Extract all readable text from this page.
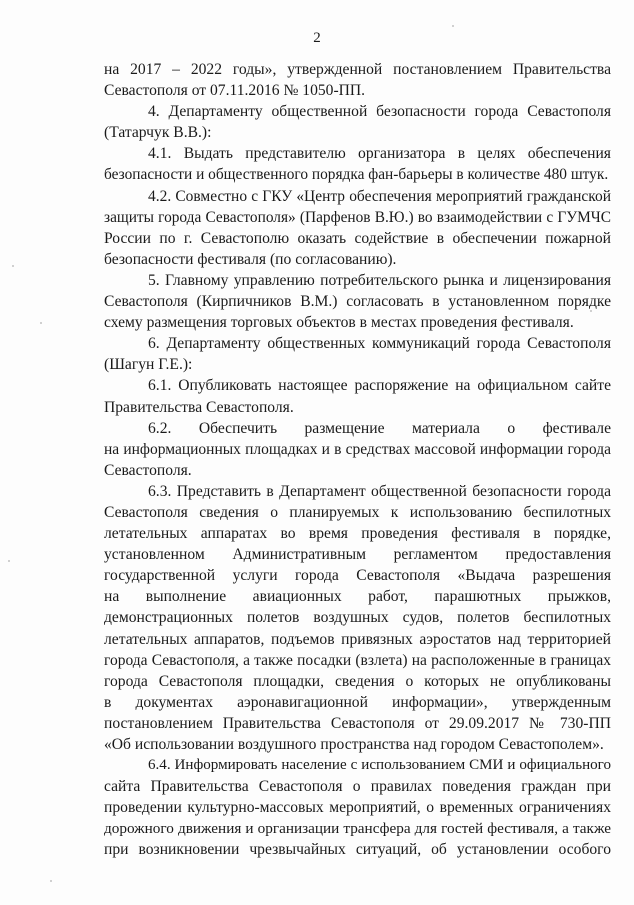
2
на 2017 – 2022 годы», утвержденной постановлением Правительства
Севастополя от 07.11.2016 № 1050-ПП.
4. Департаменту общественной безопасности города Севастополя
(Татарчук В.В.):
4.1. Выдать представителю организатора в целях обеспечения
безопасности и общественного порядка фан-барьеры в количестве 480 штук.
4.2. Совместно с ГКУ «Центр обеспечения мероприятий гражданской
защиты города Севастополя» (Парфенов В.Ю.) во взаимодействии с ГУМЧС
России по г. Севастополю оказать содействие в обеспечении пожарной
безопасности фестиваля (по согласованию).
5. Главному управлению потребительского рынка и лицензирования
Севастополя (Кирпичников В.М.) согласовать в установленном порядке
схему размещения торговых объектов в местах проведения фестиваля.
6. Департаменту общественных коммуникаций города Севастополя
(Шагун Г.Е.):
6.1. Опубликовать настоящее распоряжение на официальном сайте
Правительства Севастополя.
6.2. Обеспечить размещение материала о фестивале
на информационных площадках и в средствах массовой информации города
Севастополя.
6.3. Представить в Департамент общественной безопасности города
Севастополя сведения о планируемых к использованию беспилотных
летательных аппаратах во время проведения фестиваля в порядке,
установленном Административным регламентом предоставления
государственной услуги города Севастополя «Выдача разрешения
на выполнение авиационных работ, парашютных прыжков,
демонстрационных полетов воздушных судов, полетов беспилотных
летательных аппаратов, подъемов привязных аэростатов над территорией
города Севастополя, а также посадки (взлета) на расположенные в границах
города Севастополя площадки, сведения о которых не опубликованы
в документах аэронавигационной информации», утвержденным
постановлением Правительства Севастополя от 29.09.2017 № 730-ПП
«Об использовании воздушного пространства над городом Севастополем».
6.4. Информировать население с использованием СМИ и официального
сайта Правительства Севастополя о правилах поведения граждан при
проведении культурно-массовых мероприятий, о временных ограничениях
дорожного движения и организации трансфера для гостей фестиваля, а также
при возникновении чрезвычайных ситуаций, об установлении особого
